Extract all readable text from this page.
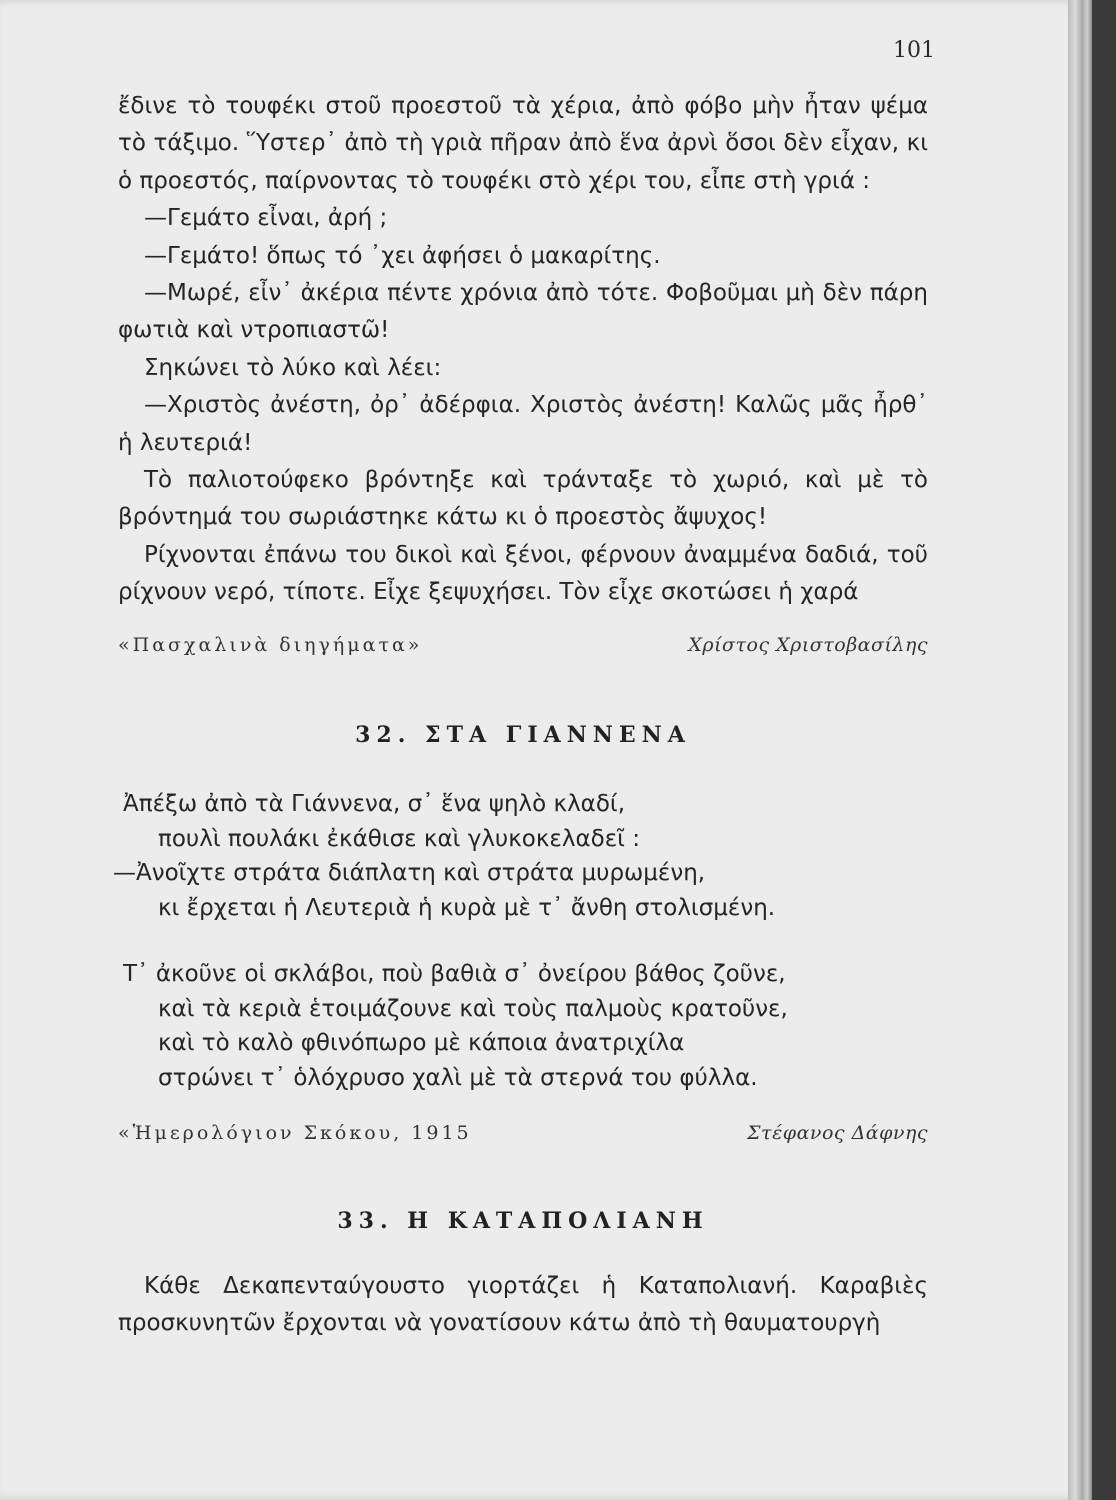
101

ἔδινε τὸ τουφέκι στοῦ προεστοῦ τὰ χέρια, ἀπὸ φόβο μὴν ἦταν ψέμα τὸ τάξιμο. Ὕστερ᾽ ἀπὸ τὴ γριὰ πῆραν ἀπὸ ἕνα ἀρνὶ ὅσοι δὲν εἶχαν, κι ὁ προεστός, παίρνοντας τὸ τουφέκι στὸ χέρι του, εἶπε στὴ γριά :

—Γεμάτο εἶναι, ἀρή ;

—Γεμάτο! ὅπως τό ᾽χει ἀφήσει ὁ μακαρίτης.

—Μωρέ, εἶν᾽ ἀκέρια πέντε χρόνια ἀπὸ τότε. Φοβοῦμαι μὴ δὲν πάρη φωτιὰ καὶ ντροπιαστῶ!

Σηκώνει τὸ λύκο καὶ λέει:

—Χριστὸς ἀνέστη, ὀρ᾽ ἀδέρφια. Χριστὸς ἀνέστη! Καλῶς μᾶς ἦρθ᾽ ἡ λευτεριά!

Τὸ παλιοτούφεκο βρόντηξε καὶ τράνταξε τὸ χωριό, καὶ μὲ τὸ βρόντημά του σωριάστηκε κάτω κι ὁ προεστὸς ἄψυχος!

Ρίχνονται ἐπάνω του δικοὶ καὶ ξένοι, φέρνουν ἀναμμένα δαδιά, τοῦ ρίχνουν νερό, τίποτε. Εἶχε ξεψυχήσει. Τὸν εἶχε σκοτώσει ἡ χαρά

«Πασχαλινὰ διηγήματα»	Χρίστος Χριστοβασίλης
32. ΣΤΑ ΓΙΑΝΝΕΝΑ
Ἀπέξω ἀπὸ τὰ Γιάννενα, σ᾽ ἕνα ψηλὸ κλαδί,
πουλὶ πουλάκι ἐκάθισε καὶ γλυκοκελαδεῖ :
—Ἀνοῖχτε στράτα διάπλατη καὶ στράτα μυρωμένη,
κι ἔρχεται ἡ Λευτεριὰ ἡ κυρὰ μὲ τ᾽ ἄνθη στολισμένη.
Τ᾽ ἀκοῦνε οἱ σκλάβοι, ποὺ βαθιὰ σ᾽ ὀνείρου βάθος ζοῦνε,
καὶ τὰ κεριὰ ἑτοιμάζουνε καὶ τοὺς παλμοὺς κρατοῦνε,
καὶ τὸ καλὸ φθινόπωρο μὲ κάποια ἀνατριχίλα
στρώνει τ᾽ ὁλόχρυσο χαλὶ μὲ τὰ στερνά του φύλλα.
«Ἡμερολόγιον Σκόκου, 1915	Στέφανος Δάφνης
33. Η ΚΑΤΑΠΟΛΙΑΝΗ

Κάθε Δεκαπενταύγουστο γιορτάζει ἡ Καταπολιανή. Καραβιὲς προσκυνητῶν ἔρχονται νὰ γονατίσουν κάτω ἀπὸ τὴ θαυματουργὴ
